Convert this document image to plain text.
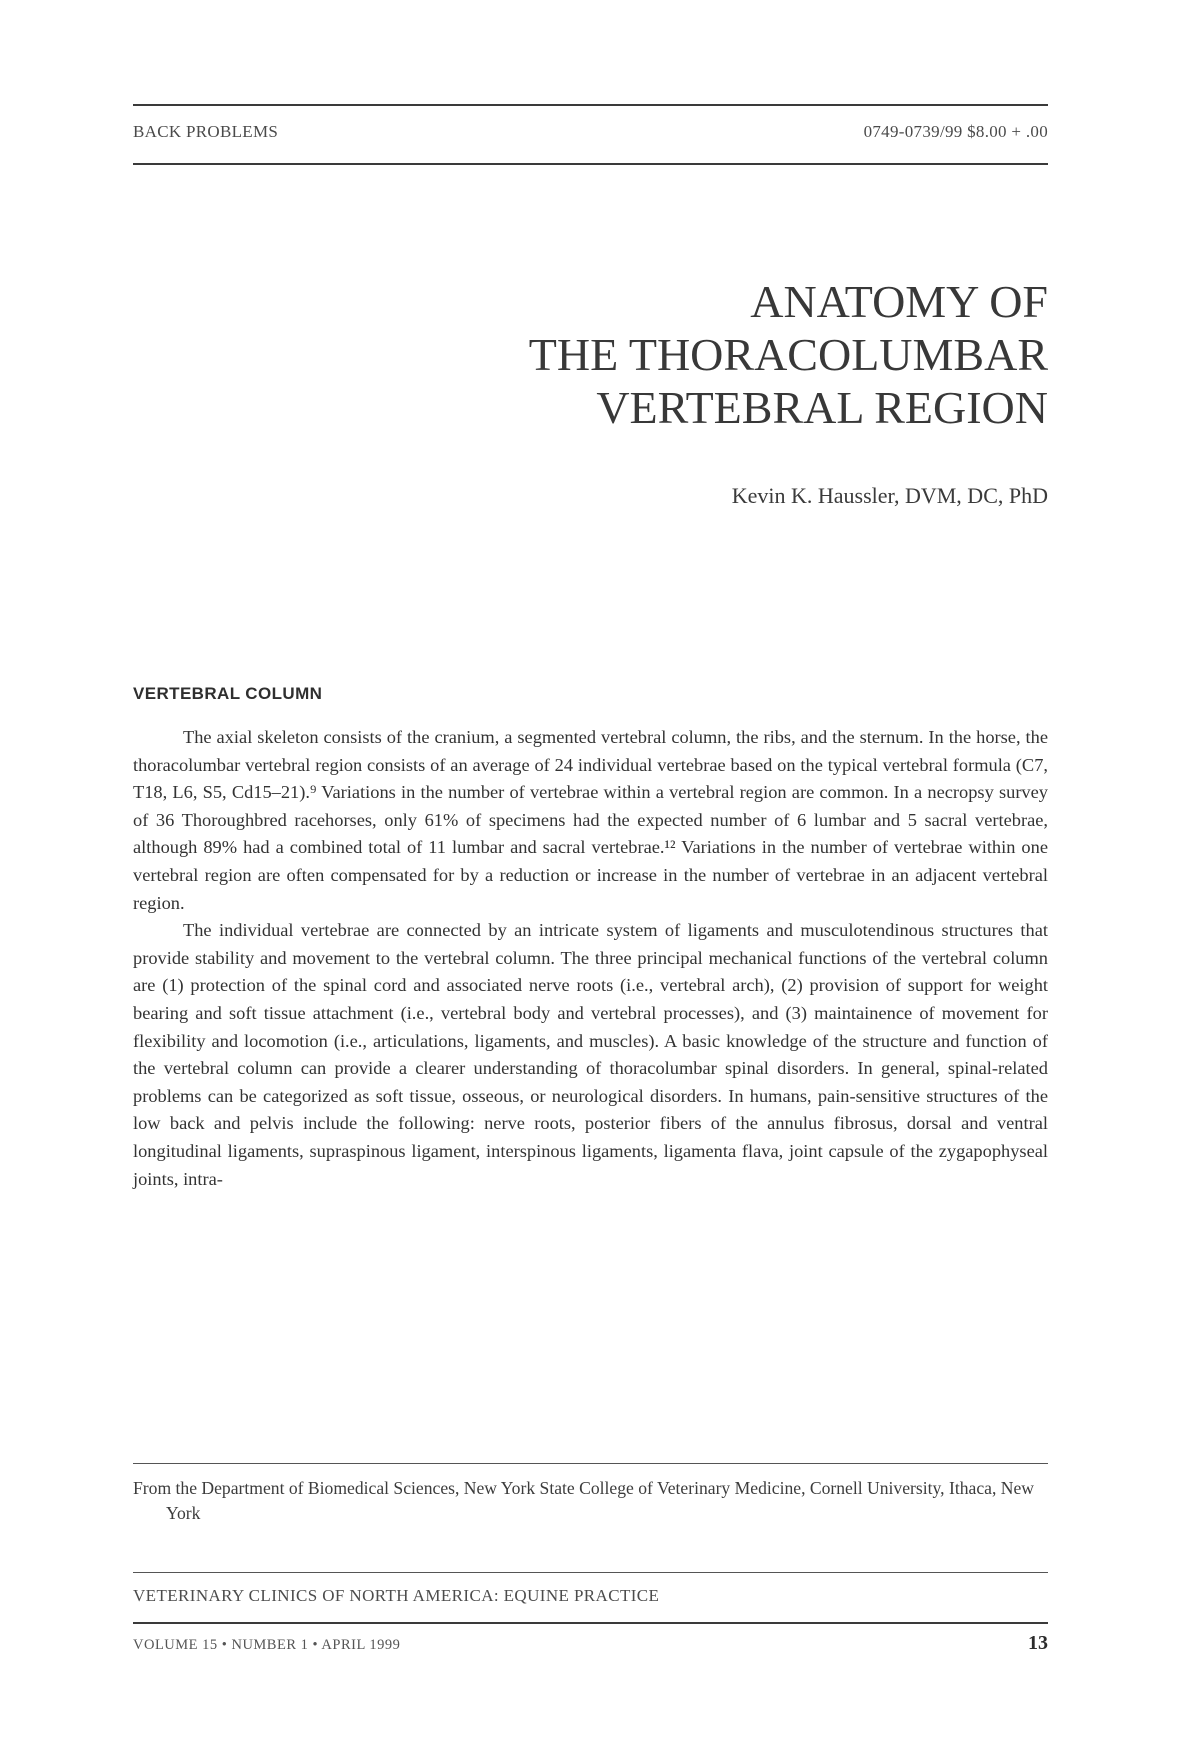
BACK PROBLEMS	0749-0739/99 $8.00 + .00
ANATOMY OF
THE THORACOLUMBAR
VERTEBRAL REGION
Kevin K. Haussler, DVM, DC, PhD
VERTEBRAL COLUMN

The axial skeleton consists of the cranium, a segmented vertebral column, the ribs, and the sternum. In the horse, the thoracolumbar vertebral region consists of an average of 24 individual vertebrae based on the typical vertebral formula (C7, T18, L6, S5, Cd15–21).⁹ Variations in the number of vertebrae within a vertebral region are common. In a necropsy survey of 36 Thoroughbred racehorses, only 61% of specimens had the expected number of 6 lumbar and 5 sacral vertebrae, although 89% had a combined total of 11 lumbar and sacral vertebrae.¹² Variations in the number of vertebrae within one vertebral region are often compensated for by a reduction or increase in the number of vertebrae in an adjacent vertebral region.

The individual vertebrae are connected by an intricate system of ligaments and musculotendinous structures that provide stability and movement to the vertebral column. The three principal mechanical functions of the vertebral column are (1) protection of the spinal cord and associated nerve roots (i.e., vertebral arch), (2) provision of support for weight bearing and soft tissue attachment (i.e., vertebral body and vertebral processes), and (3) maintainence of movement for flexibility and locomotion (i.e., articulations, ligaments, and muscles). A basic knowledge of the structure and function of the vertebral column can provide a clearer understanding of thoracolumbar spinal disorders. In general, spinal-related problems can be categorized as soft tissue, osseous, or neurological disorders. In humans, pain-sensitive structures of the low back and pelvis include the following: nerve roots, posterior fibers of the annulus fibrosus, dorsal and ventral longitudinal ligaments, supraspinous ligament, interspinous ligaments, ligamenta flava, joint capsule of the zygapophyseal joints, intra-

From the Department of Biomedical Sciences, New York State College of Veterinary Medicine, Cornell University, Ithaca, New York
VETERINARY CLINICS OF NORTH AMERICA: EQUINE PRACTICE
VOLUME 15 • NUMBER 1 • APRIL 1999	13
